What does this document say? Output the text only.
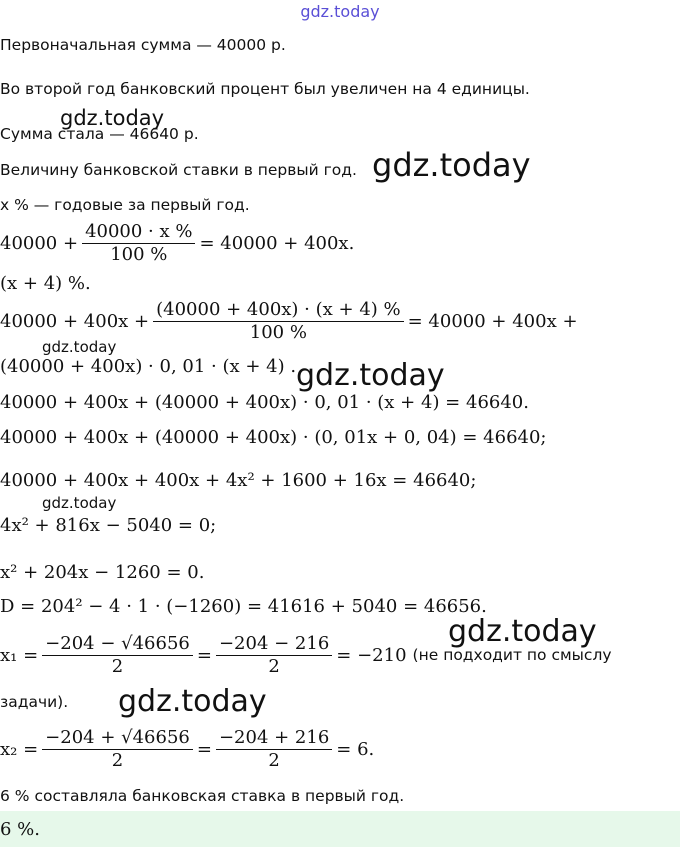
gdz.today
Первоначальная сумма — 40000 р.
Во второй год банковский процент был увеличен на 4 единицы.
Сумма стала — 46640 р.
Величину банковской ставки в первый год.
x % — годовые за первый год.
$40000 + \frac{40000 \cdot x \%}{100 \%} = 40000 + 400x$.
(x + 4) %.
$40000 + 400x + \frac{(40000 + 400x) \cdot (x + 4) \%}{100 \%} = 40000 + 400x$ +
(40000 + 400x) · 0, 01 · (x + 4) .
40000 + 400x + (40000 + 400x) · 0, 01 · (x + 4) = 46640.
40000 + 400x + (40000 + 400x) · (0, 01x + 0, 04) = 46640;
40000 + 400x + 400x + 4x² + 1600 + 16x = 46640;
4x² + 816x − 5040 = 0;
x² + 204x − 1260 = 0.
D = 204² − 4 · 1 · (−1260) = 41616 + 5040 = 46656.
$x_1 = \frac{-204 - √46656}{2} = \frac{-204 - 216}{2} = -210$ (не подходит по смыслу
задачи).
$x_2 = \frac{-204 + √46656}{2} = \frac{-204 + 216}{2} = 6$.
6 % составляла банковская ставка в первый год.
6 %.
gdz.today
gdz.today
gdz.today
gdz.today
gdz.today
gdz.today
gdz.today
